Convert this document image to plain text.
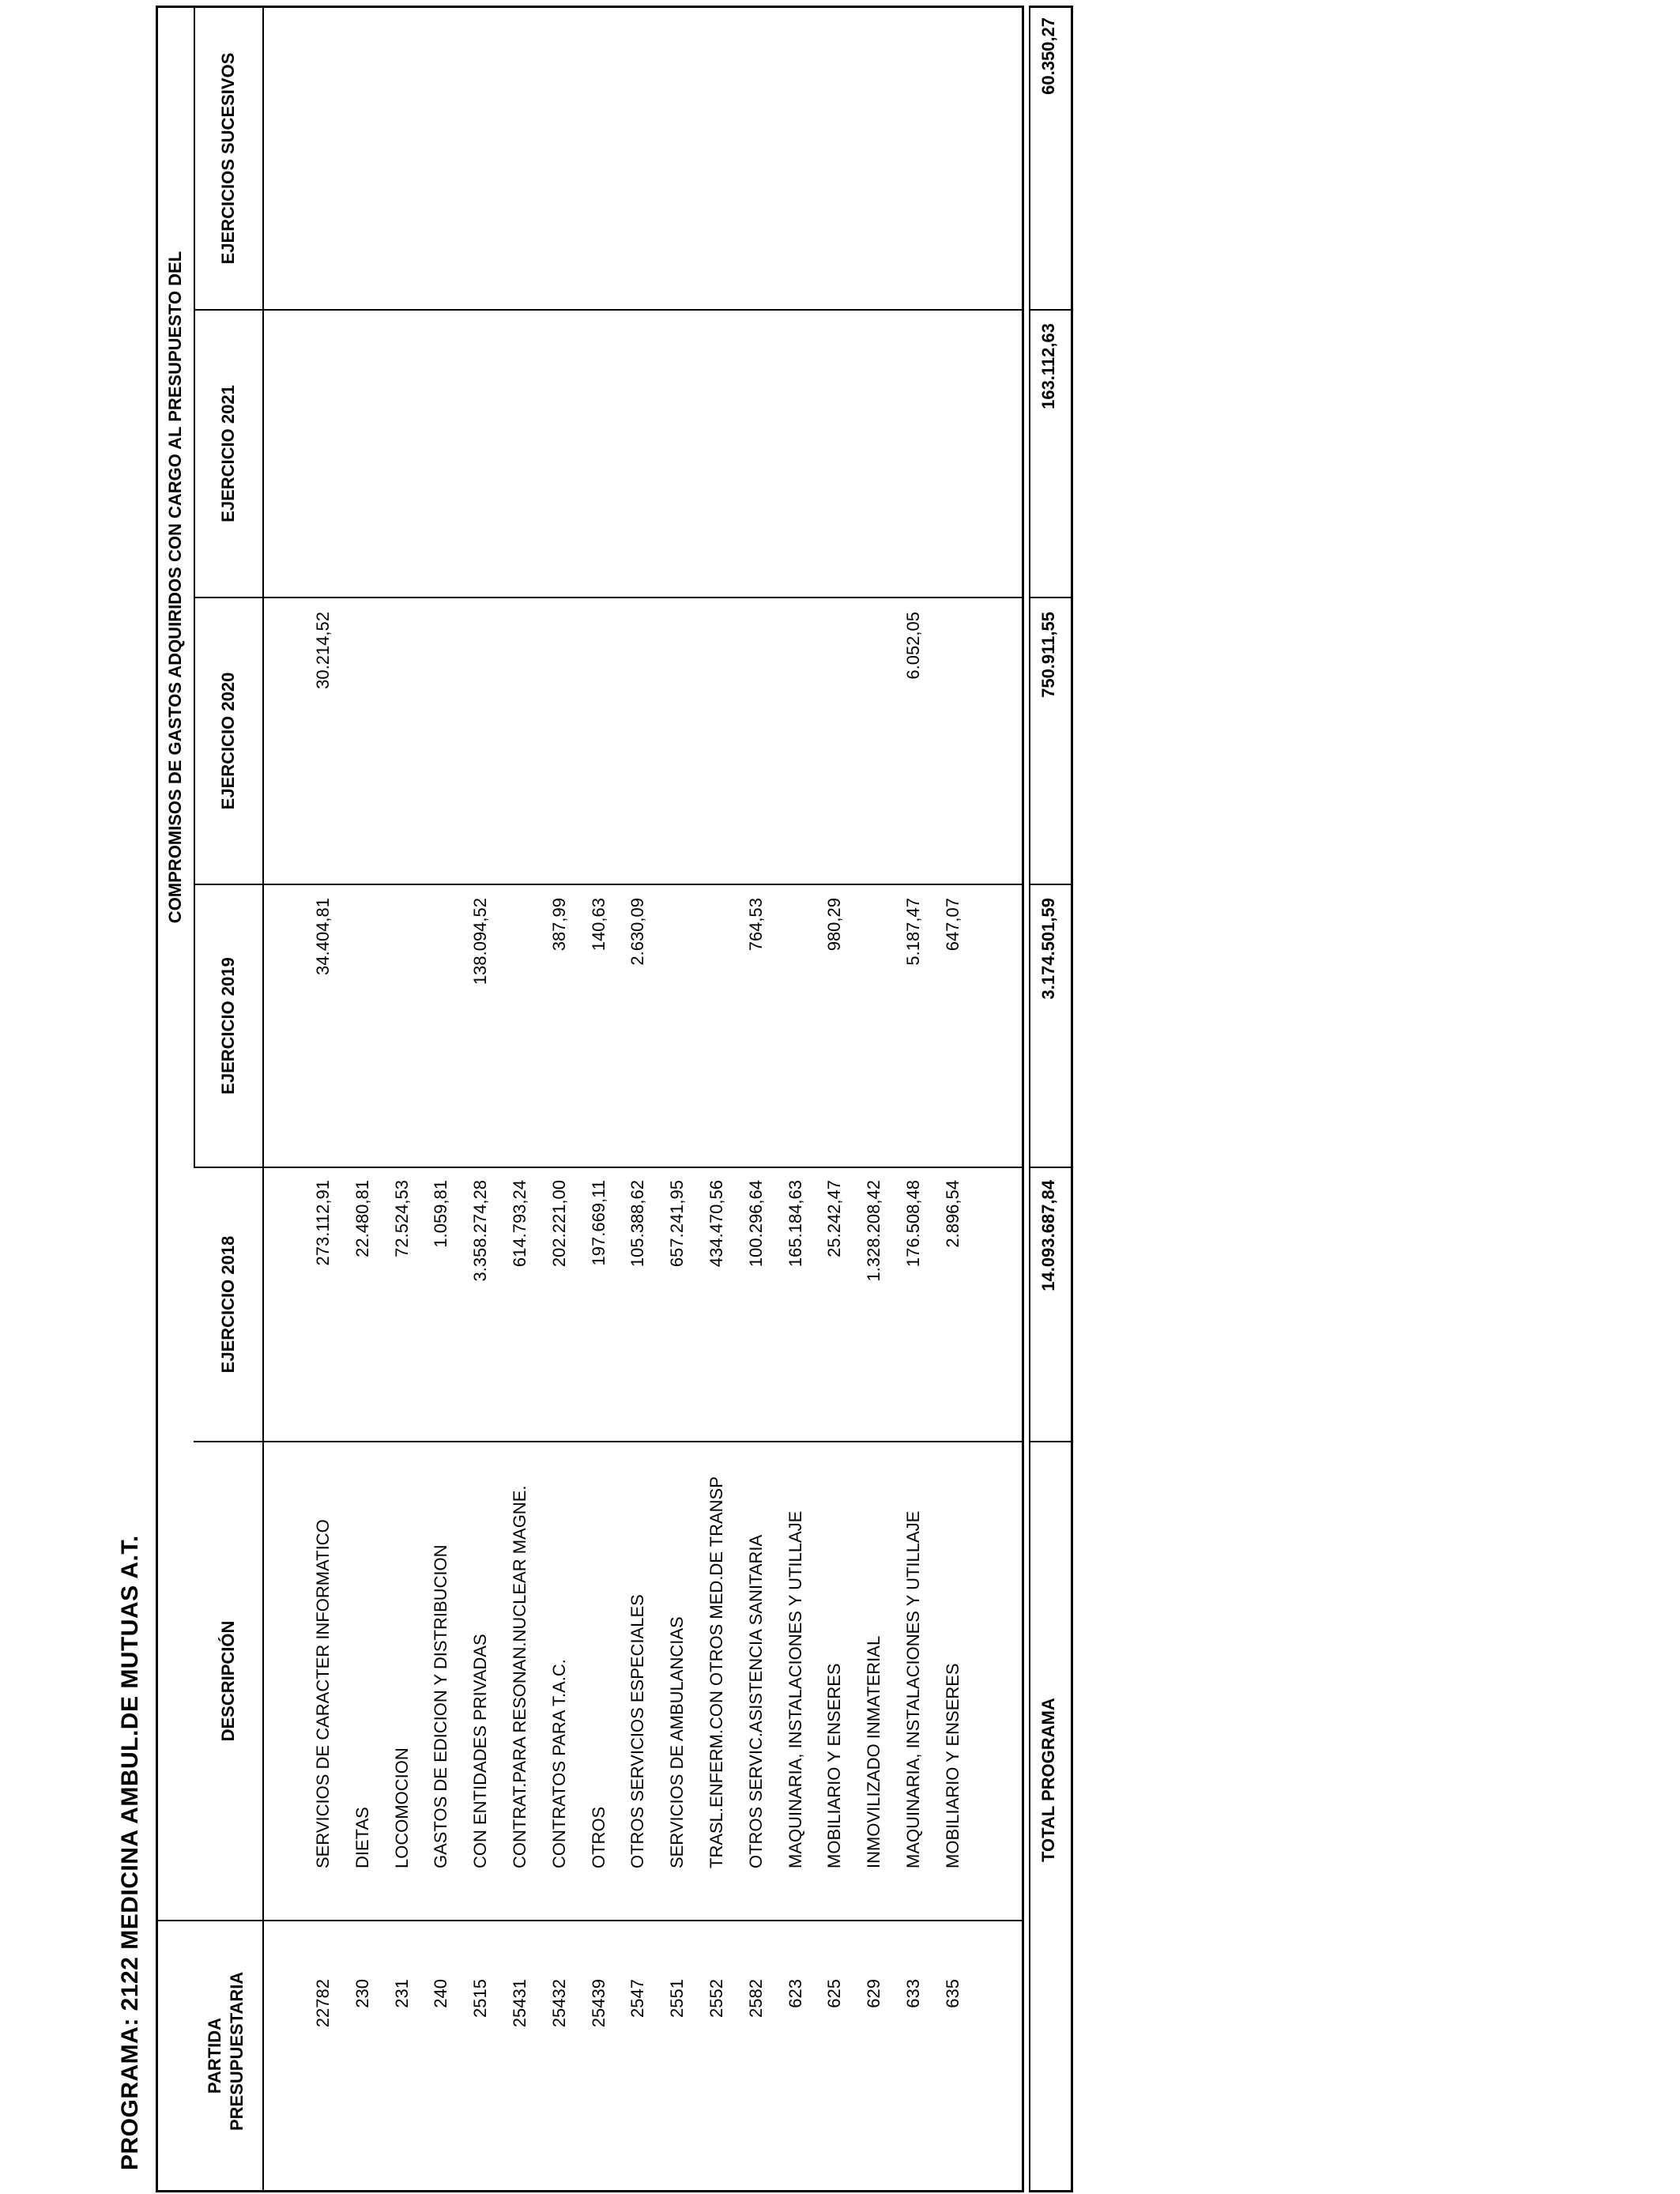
PROGRAMA: 2122 MEDICINA AMBUL.DE MUTUAS A.T.	PARTIDA PRESUPUESTARIA
DESCRIPCIÓN
COMPROMISOS DE GASTOS ADQUIRIDOS CON CARGO AL PRESUPUESTO DEL
EJERCICIO 2018
EJERCICIO 2019
EJERCICIO 2020
EJERCICIO 2021
EJERCICIOS SUCESIVOS
22782
SERVICIOS DE CARACTER INFORMATICO
273.112,91
34.404,81
30.214,52
230
DIETAS
22.480,81
231
LOCOMOCION
72.524,53
240
GASTOS DE EDICION Y DISTRIBUCION
1.059,81
2515
CON ENTIDADES PRIVADAS
3.358.274,28
138.094,52
25431
CONTRAT.PARA RESONAN.NUCLEAR MAGNE.
614.793,24
25432
CONTRATOS PARA T.A.C.
202.221,00
387,99
25439
OTROS
197.669,11
140,63
2547
OTROS SERVICIOS ESPECIALES
105.388,62
2.630,09
2551
SERVICIOS DE AMBULANCIAS
657.241,95
2552
TRASL.ENFERM.CON OTROS MED.DE TRANSP
434.470,56
2582
OTROS SERVIC.ASISTENCIA SANITARIA
100.296,64
764,53
623
MAQUINARIA, INSTALACIONES Y UTILLAJE
165.184,63
625
MOBILIARIO Y ENSERES
25.242,47
980,29
629
INMOVILIZADO INMATERIAL
1.328.208,42
633
MAQUINARIA, INSTALACIONES Y UTILLAJE
176.508,48
5.187,47
6.052,05
635
MOBILIARIO Y ENSERES
2.896,54
647,07
TOTAL PROGRAMA
14.093.687,84
3.174.501,59
750.911,55
163.112,63
60.350,27
